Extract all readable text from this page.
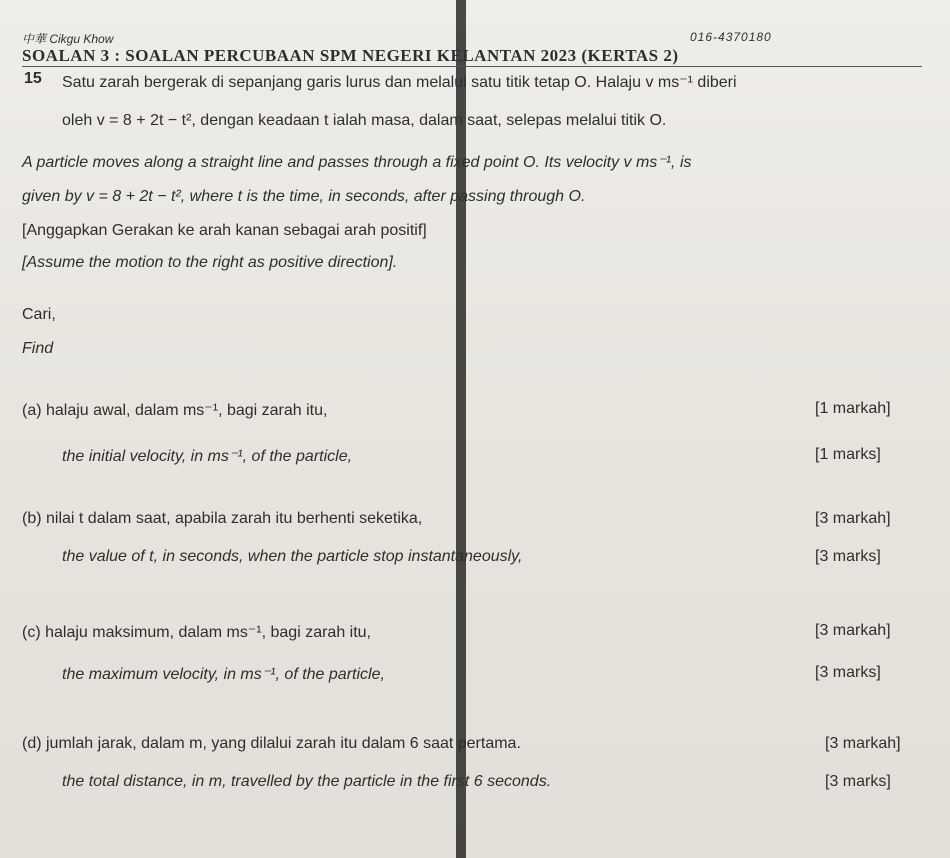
中華 Cikgu Khow	016-4370180
SOALAN 3 : SOALAN PERCUBAAN SPM NEGERI KELANTAN 2023 (KERTAS 2)
15 Satu zarah bergerak di sepanjang garis lurus dan melalui satu titik tetap O. Halaju v ms⁻¹ diberi
oleh v = 8 + 2t − t², dengan keadaan t ialah masa, dalam saat, selepas melalui titik O.
A particle moves along a straight line and passes through a fixed point O. Its velocity v ms⁻¹, is
given by v = 8 + 2t − t², where t is the time, in seconds, after passing through O.
[Anggapkan Gerakan ke arah kanan sebagai arah positif]
[Assume the motion to the right as positive direction].
Cari,
Find
(a) halaju awal, dalam ms⁻¹, bagi zarah itu,	[1 markah]
the initial velocity, in ms⁻¹, of the particle,	[1 marks]
(b) nilai t dalam saat, apabila zarah itu berhenti seketika,	[3 markah]
the value of t, in seconds, when the particle stop instantaneously,	[3 marks]
(c) halaju maksimum, dalam ms⁻¹, bagi zarah itu,	[3 markah]
the maximum velocity, in ms⁻¹, of the particle,	[3 marks]
(d) jumlah jarak, dalam m, yang dilalui zarah itu dalam 6 saat pertama.	[3 markah]
the total distance, in m, travelled by the particle in the first 6 seconds.	[3 marks]
